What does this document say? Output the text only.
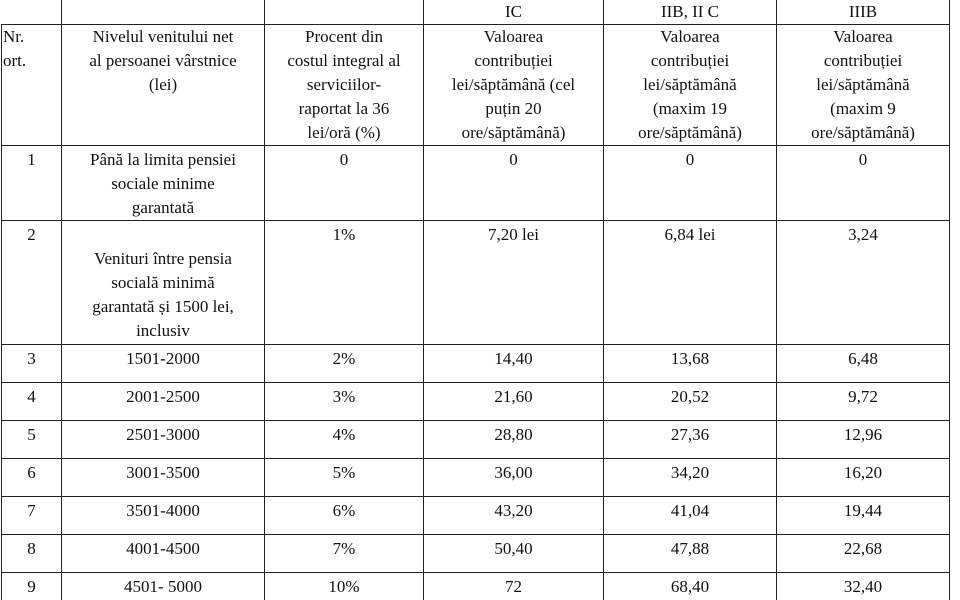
			IC	IIB, II C	IIIB

Nr.
ort.	Nivelul venitului net
al persoanei vârstnice
(lei)	Procent din
costul integral al
serviciilor-
raportat la 36
lei/oră (%)	Valoarea
contribuției
lei/săptămână (cel
puțin 20
ore/săptămână)	Valoarea
contribuției
lei/săptămână
(maxim 19
ore/săptămână)	Valoarea
contribuției
lei/săptămână
(maxim 9
ore/săptămână)

1	Până la limita pensiei
sociale minime
garantată	0	0	0	0
2	Venituri între pensia
socială minimă
garantată și 1500 lei,
inclusiv	1%	7,20 lei	6,84 lei	3,24
3	1501-2000	2%	14,40	13,68	6,48
4	2001-2500	3%	21,60	20,52	9,72
5	2501-3000	4%	28,80	27,36	12,96
6	3001-3500	5%	36,00	34,20	16,20
7	3501-4000	6%	43,20	41,04	19,44
8	4001-4500	7%	50,40	47,88	22,68
9	4501- 5000	10%	72	68,40	32,40
